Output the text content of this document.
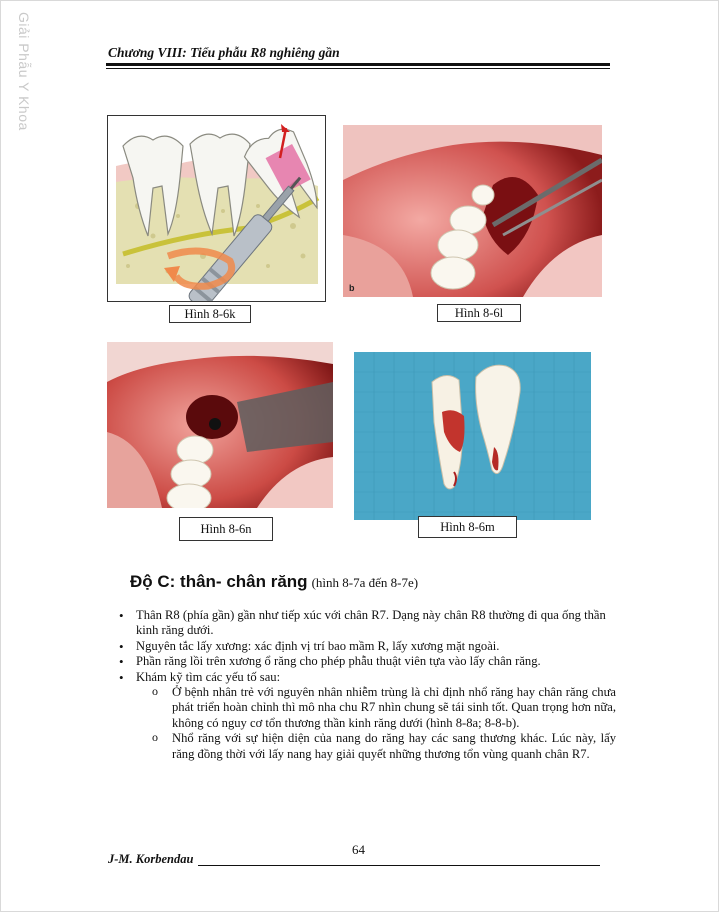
Giải Phẫu Y Khoa	Chương VIII: Tiểu phẫu R8 nghiêng gần
Hình 8-6k
b
Hình 8-6l
Hình 8-6n	Hình 8-6m
Độ C: thân- chân răng (hình 8-7a đến 8-7e)
• Thân R8 (phía gần) gần như tiếp xúc với chân R7. Dạng này chân R8 thường đi qua ống thần kinh răng dưới.
• Nguyên tắc lấy xương: xác định vị trí bao mầm R, lấy xương mặt ngoài.
• Phần răng lồi trên xương ổ răng cho phép phẫu thuật viên tựa vào lấy chân răng.
• Khám kỹ tìm các yếu tố sau:
o Ở bệnh nhân trẻ với nguyên nhân nhiễm trùng là chỉ định nhổ răng hay chân răng chưa phát triển hoàn chỉnh thì mô nha chu R7 nhìn chung sẽ tái sinh tốt. Quan trọng hơn nữa, không có nguy cơ tổn thương thần kinh răng dưới (hình 8-8a; 8-8-b).
o Nhổ răng với sự hiện diện của nang do răng hay các sang thương khác. Lúc này, lấy răng đồng thời với lấy nang hay giải quyết những thương tổn vùng quanh chân R7.
64
J-M. Korbendau
